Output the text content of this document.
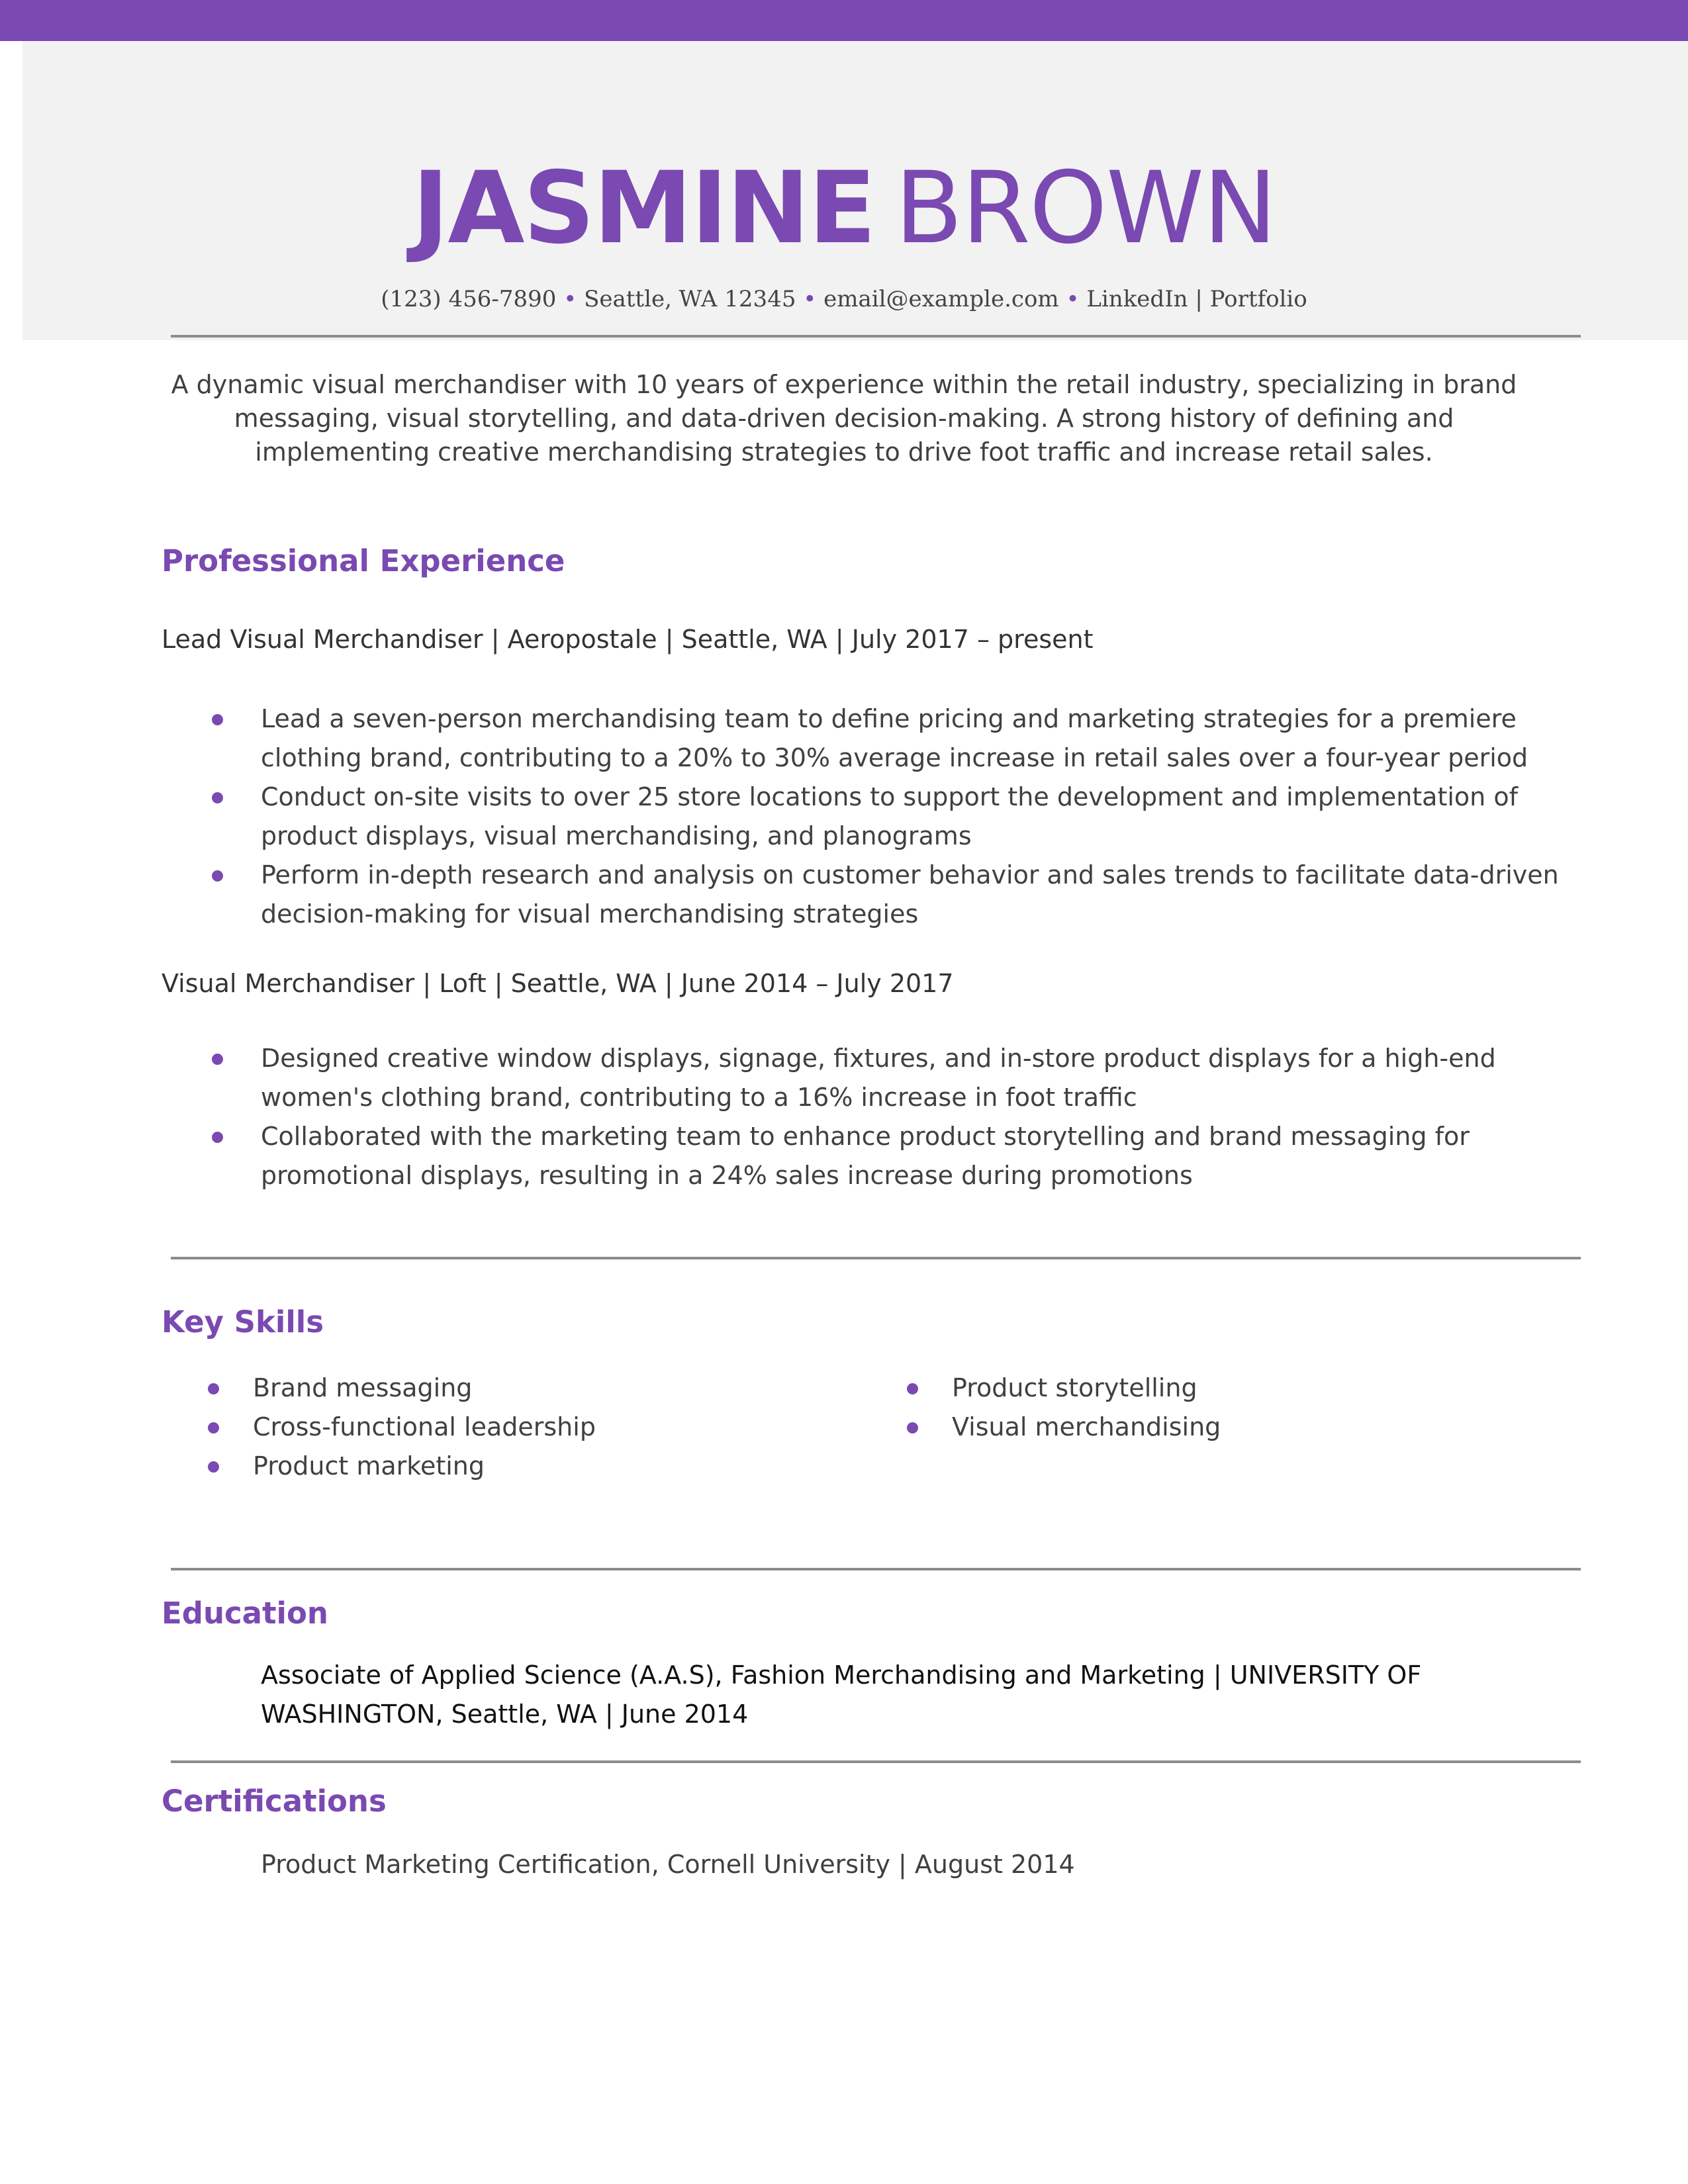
JASMINE BROWN
(123) 456-7890 • Seattle, WA 12345 • email@example.com • LinkedIn | Portfolio
A dynamic visual merchandiser with 10 years of experience within the retail industry, specializing in brand messaging, visual storytelling, and data-driven decision-making. A strong history of defining and implementing creative merchandising strategies to drive foot traffic and increase retail sales.
Professional Experience
Lead Visual Merchandiser | Aeropostale | Seattle, WA | July 2017 – present
Lead a seven-person merchandising team to define pricing and marketing strategies for a premiere clothing brand, contributing to a 20% to 30% average increase in retail sales over a four-year period
Conduct on-site visits to over 25 store locations to support the development and implementation of product displays, visual merchandising, and planograms
Perform in-depth research and analysis on customer behavior and sales trends to facilitate data-driven decision-making for visual merchandising strategies
Visual Merchandiser | Loft | Seattle, WA | June 2014 – July 2017
Designed creative window displays, signage, fixtures, and in-store product displays for a high-end women's clothing brand, contributing to a 16% increase in foot traffic
Collaborated with the marketing team to enhance product storytelling and brand messaging for promotional displays, resulting in a 24% sales increase during promotions
Key Skills
Brand messaging
Cross-functional leadership
Product marketing
Product storytelling
Visual merchandising
Education
Associate of Applied Science (A.A.S), Fashion Merchandising and Marketing | UNIVERSITY OF WASHINGTON, Seattle, WA | June 2014
Certifications
Product Marketing Certification, Cornell University | August 2014
